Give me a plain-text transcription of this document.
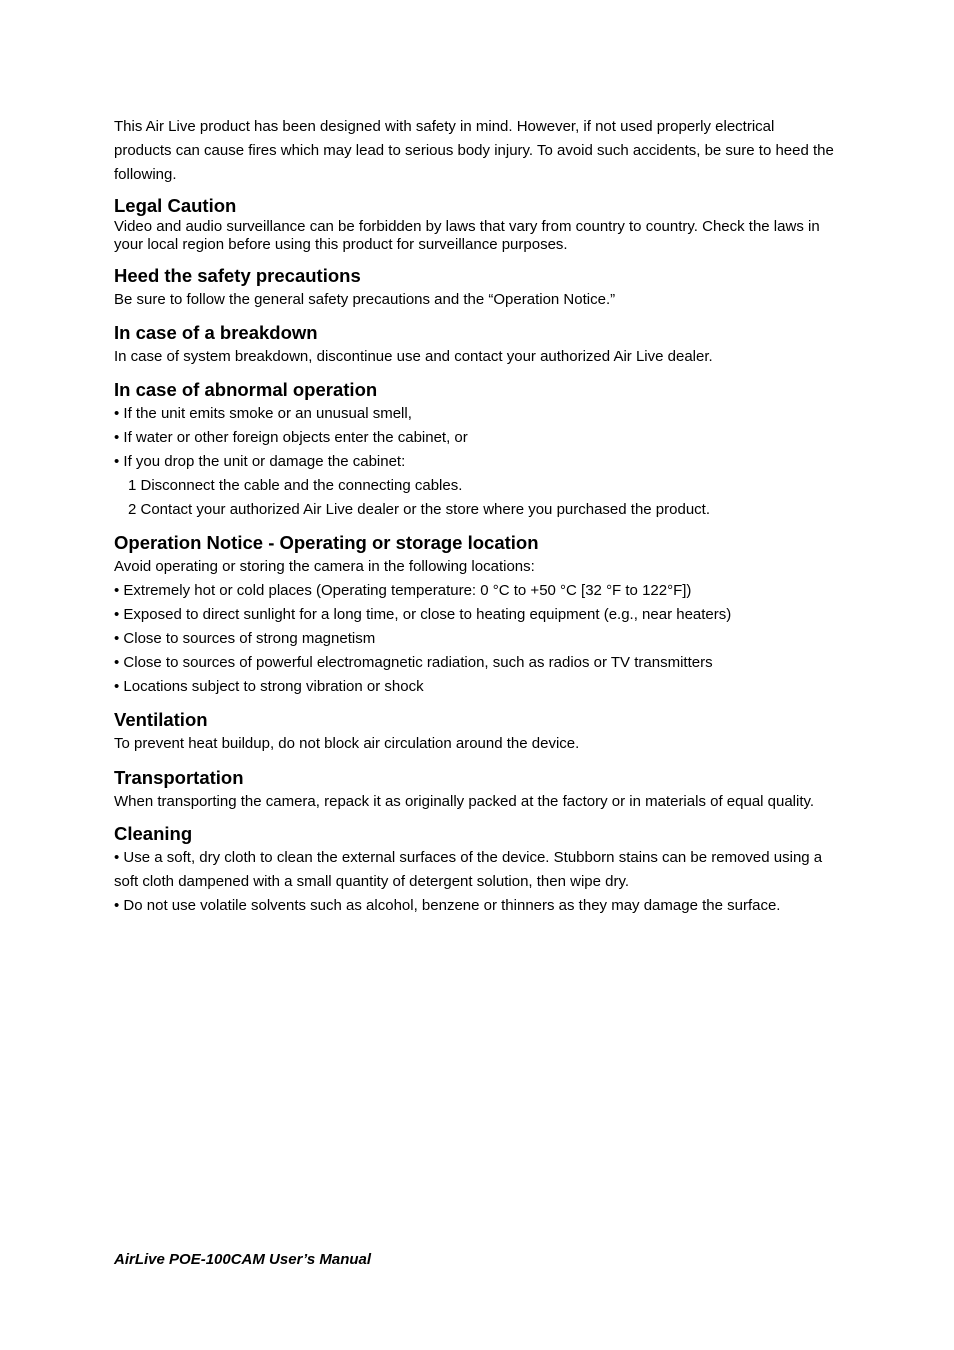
This Air Live product has been designed with safety in mind. However, if not used properly electrical products can cause fires which may lead to serious body injury. To avoid such accidents, be sure to heed the following.

Legal Caution

Video and audio surveillance can be forbidden by laws that vary from country to country. Check the laws in your local region before using this product for surveillance purposes.

Heed the safety precautions

Be sure to follow the general safety precautions and the “Operation Notice.”

In case of a breakdown

In case of system breakdown, discontinue use and contact your authorized Air Live dealer.

In case of abnormal operation

• If the unit emits smoke or an unusual smell,

• If water or other foreign objects enter the cabinet, or

• If you drop the unit or damage the cabinet:

1 Disconnect the cable and the connecting cables.

2 Contact your authorized Air Live dealer or the store where you purchased the product.

Operation Notice - Operating or storage location

Avoid operating or storing the camera in the following locations:

• Extremely hot or cold places (Operating temperature: 0 °C to +50 °C [32 °F to 122°F])

• Exposed to direct sunlight for a long time, or close to heating equipment (e.g., near heaters)

• Close to sources of strong magnetism

• Close to sources of powerful electromagnetic radiation, such as radios or TV transmitters

• Locations subject to strong vibration or shock

Ventilation

To prevent heat buildup, do not block air circulation around the device.

Transportation

When transporting the camera, repack it as originally packed at the factory or in materials of equal quality.

Cleaning

• Use a soft, dry cloth to clean the external surfaces of the device. Stubborn stains can be removed using a soft cloth dampened with a small quantity of detergent solution, then wipe dry.

• Do not use volatile solvents such as alcohol, benzene or thinners as they may damage the surface.

AirLive POE-100CAM User’s Manual
